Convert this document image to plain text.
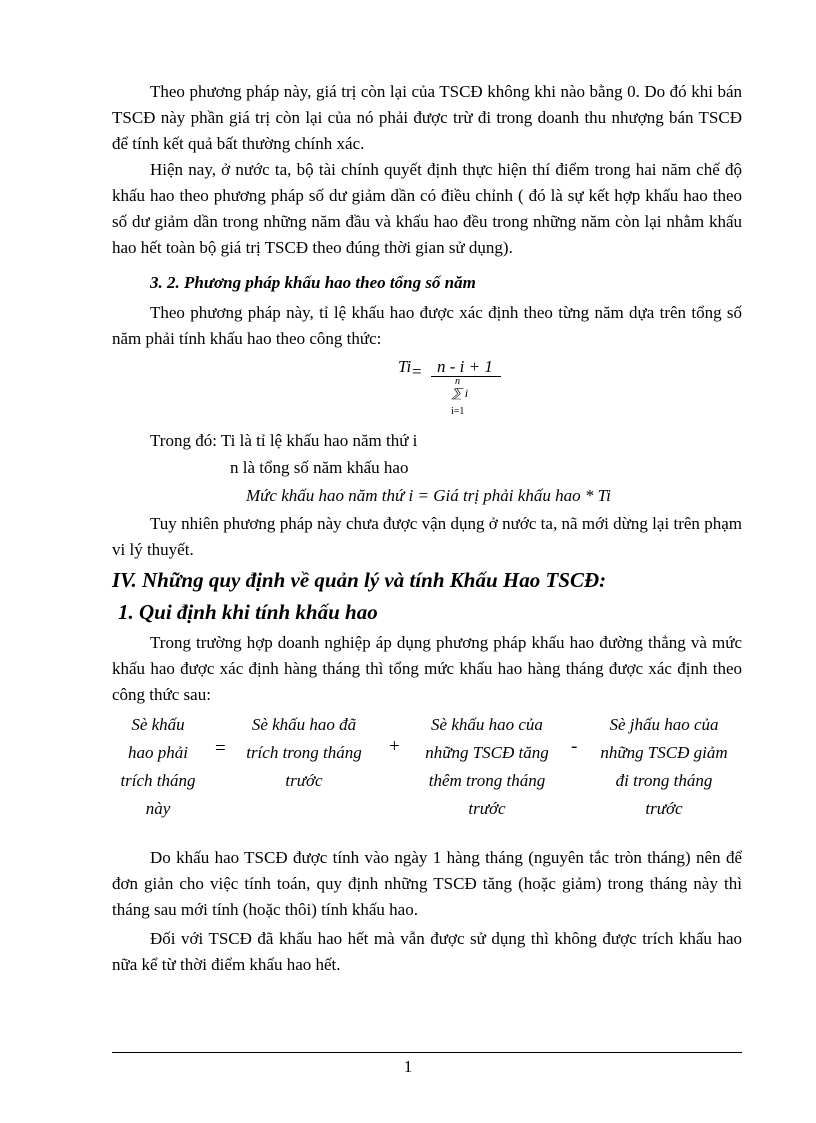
Theo phương pháp này, giá trị còn lại của TSCĐ không khi nào bằng 0. Do đó khi bán TSCĐ này phần giá trị còn lại của nó phải được trừ đi trong doanh thu nhượng bán TSCĐ để tính kết quả bất thường chính xác.

Hiện nay, ở nước ta, bộ tài chính quyết định thực hiện thí điểm trong hai năm chế độ khấu hao theo phương pháp số dư giảm dần có điều chỉnh ( đó là sự kết hợp khấu hao theo số dư giảm dần trong những năm đầu và khấu hao đều trong những năm còn lại nhằm khấu hao hết toàn bộ giá trị TSCĐ theo đúng thời gian sử dụng).

3. 2. Phương pháp khấu hao theo tổng số năm

Theo phương pháp này, tỉ lệ khấu hao được xác định theo từng năm dựa trên tổng số năm phải tính khấu hao theo công thức:

Ti = n - i + 1
n
⅀ i
i=1
Trong đó: Ti là tỉ lệ khấu hao năm thứ i
n là tổng số năm khấu hao
Mức khấu hao năm thứ i = Giá trị phải khấu hao * Ti

Tuy nhiên phương pháp này chưa được vận dụng ở nước ta, nã mới dừng lại trên phạm vi lý thuyết.

IV. Những quy định về quản lý và tính Khấu Hao TSCĐ:
1. Qui định khi tính khấu hao

Trong trường hợp doanh nghiệp áp dụng phương pháp khấu hao đường thẳng và mức khấu hao được xác định hàng tháng thì tổng mức khấu hao hàng tháng được xác định theo công thức sau:

Sè khấu
hao phải
trích tháng
này
=
Sè khấu hao đã
trích trong tháng
trước
+
Sè khấu hao của
những TSCĐ tăng
thêm trong tháng
trước
-
Sè jhấu hao của
những TSCĐ giảm
đi trong tháng
trước

Do khấu hao TSCĐ được tính vào ngày 1 hàng tháng (nguyên tắc tròn tháng) nên để đơn giản cho việc tính toán, quy định những TSCĐ tăng (hoặc giảm) trong tháng này thì tháng sau mới tính (hoặc thôi) tính khấu hao.

Đối với TSCĐ đã khấu hao hết mà vẫn được sử dụng thì không được trích khấu hao nữa kể từ thời điểm khấu hao hết.

1
